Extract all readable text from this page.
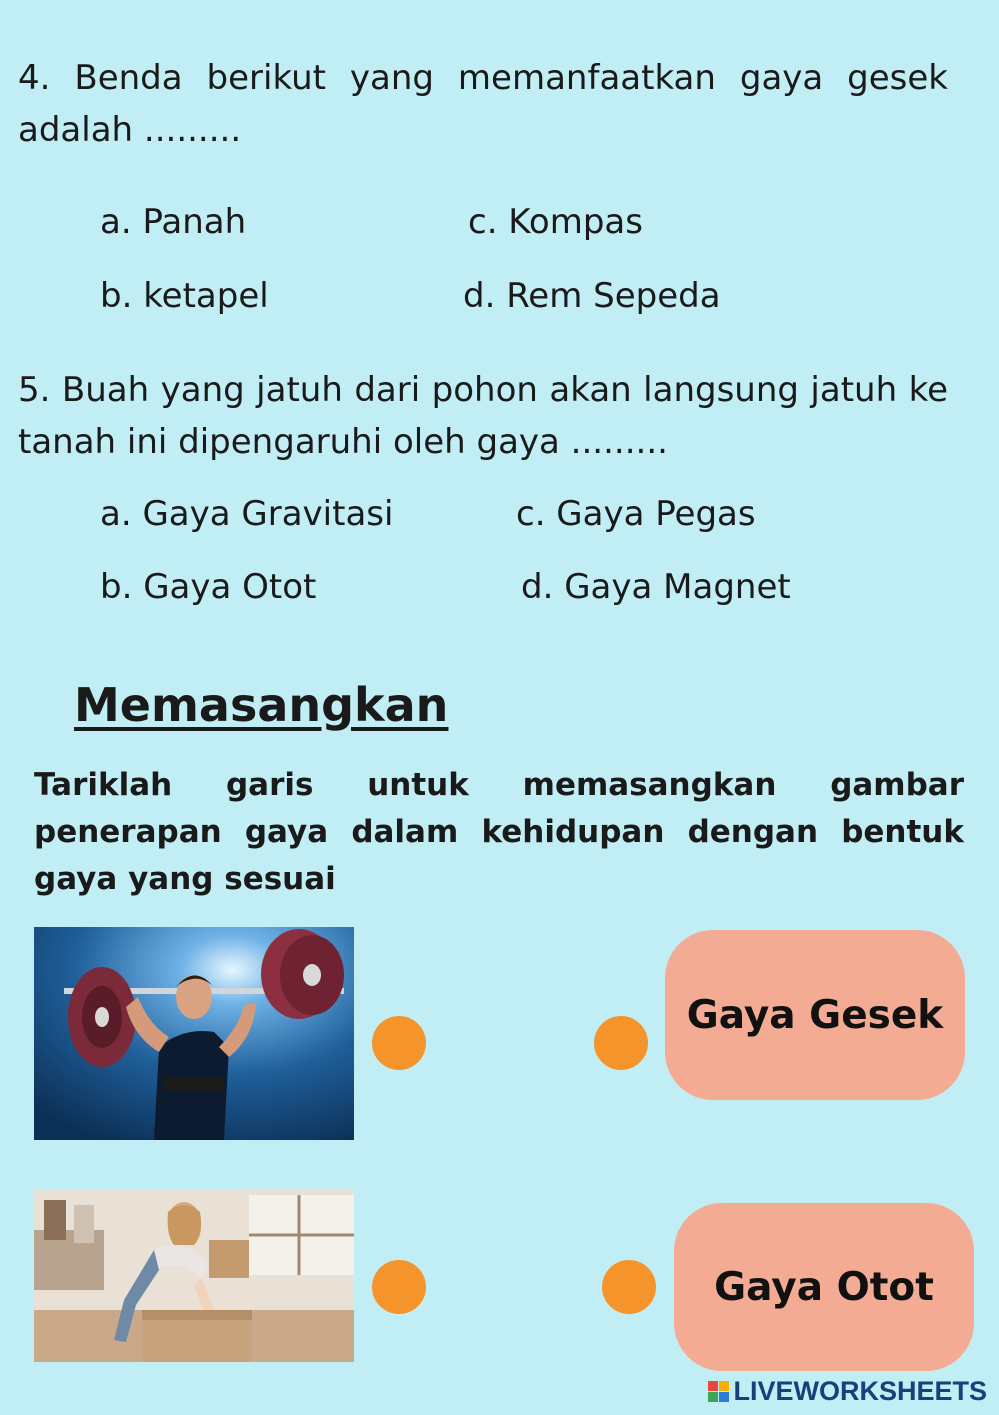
4. Benda berikut yang memanfaatkan gaya gesek adalah .........
a. Panah	c. Kompas
b. ketapel	d. Rem Sepeda
5. Buah yang jatuh dari pohon akan langsung jatuh ke tanah ini dipengaruhi oleh gaya .........
a. Gaya Gravitasi	c. Gaya Pegas
b. Gaya Otot	d. Gaya Magnet
Memasangkan
Tariklah garis untuk memasangkan gambar penerapan gaya dalam kehidupan dengan bentuk gaya yang sesuai
Gaya Gesek
Gaya Otot
LIVEWORKSHEETS
